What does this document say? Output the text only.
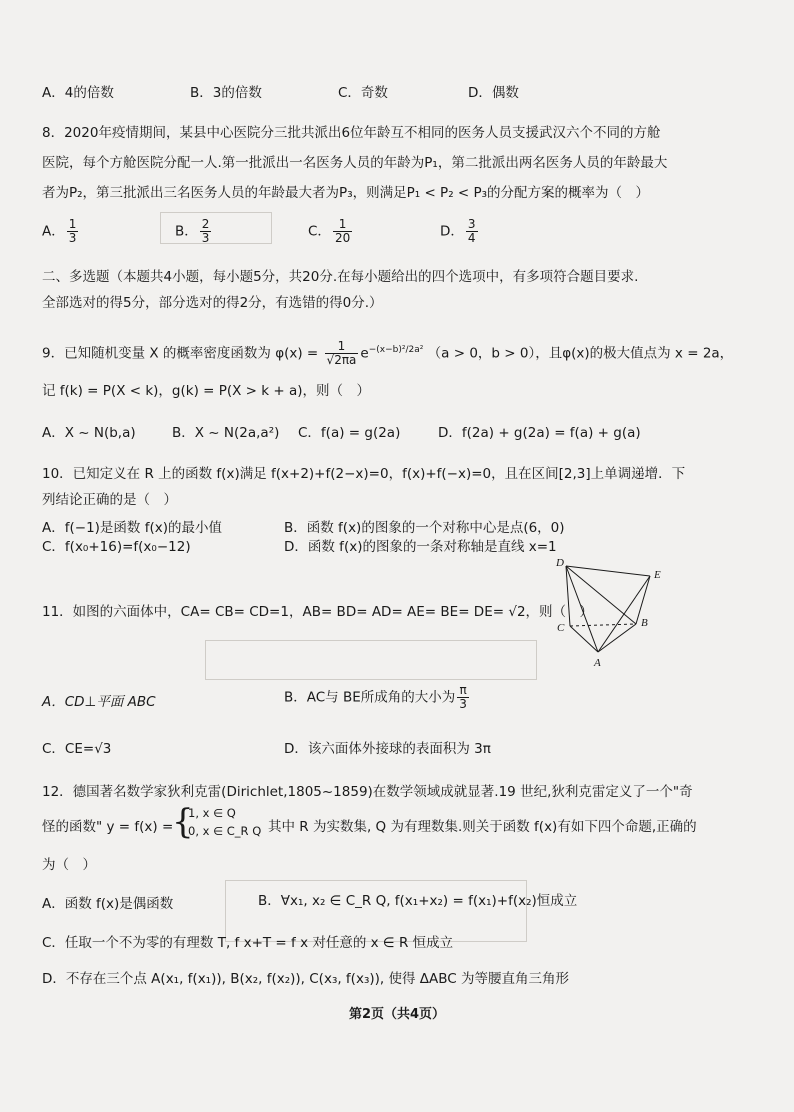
A．4的倍数	B．3的倍数	C．奇数	D．偶数
8．2020年疫情期间，某县中心医院分三批共派出6位年龄互不相同的医务人员支援武汉六个不同的方舱
医院，每个方舱医院分配一人.第一批派出一名医务人员的年龄为P₁，第二批派出两名医务人员的年龄最大
者为P₂，第三批派出三名医务人员的年龄最大者为P₃，则满足P₁ < P₂ < P₃的分配方案的概率为（　）
A． $\frac{1}{3}$	B． $\frac{2}{3}$	C． $\frac{1}{20}$	D． $\frac{3}{4}$
二、多选题（本题共4小题，每小题5分，共20分.在每小题给出的四个选项中，有多项符合题目要求.
全部选对的得5分，部分选对的得2分，有选错的得0分.）
9．已知随机变量 X 的概率密度函数为 $\varphi(x) = \frac{1}{√2\pi a} e^{-(x-b)^2/2a^2}$ （a > 0，b > 0），且φ(x)的极大值点为 x = 2a，
记 f(k) = P(X < k)，g(k) = P(X > k + a)，则（　）
A．X ~ N(b,a)	B．X ~ N(2a,a²) C．f(a) = g(2a)	D．f(2a) + g(2a) = f(a) + g(a)
10．已知定义在 R 上的函数 f(x)满足 f(x+2)+f(2−x)=0，f(x)+f(−x)=0，且在区间[2,3]上单调递增．下
列结论正确的是（　）
A．f(−1)是函数 f(x)的最小值	B．函数 f(x)的图象的一个对称中心是点(6，0)
C．f(x₀+16)=f(x₀−12)	D．函数 f(x)的图象的一条对称轴是直线 x=1
11．如图的六面体中，CA= CB= CD=1，AB= BD= AD= AE= BE= DE= √2，则（　）
D
E
C	B
A
A．CD⊥平面 ABC	B．AC与 BE所成角的大小为 $\frac{\pi}{3}$
C．CE=√3	D．该六面体外接球的表面积为 3π
12．德国著名数学家狄利克雷(Dirichlet,1805~1859)在数学领域成就显著.19 世纪,狄利克雷定义了一个"奇
怪的函数" y = f(x) =
{
1, x ∈ Q
0, x ∈ C_R Q 其中 R 为实数集, Q 为有理数集.则关于函数 f(x)有如下四个命题,正确的
为（　）
A．函数 f(x)是偶函数	B．∀x₁, x₂ ∈ C_R Q, f(x₁+x₂) = f(x₁)+f(x₂)恒成立
C．任取一个不为零的有理数 T, f x+T = f x 对任意的 x ∈ R 恒成立
D．不存在三个点 A(x₁, f(x₁)), B(x₂, f(x₂)), C(x₃, f(x₃)), 使得 ΔABC 为等腰直角三角形
第2页（共4页）
